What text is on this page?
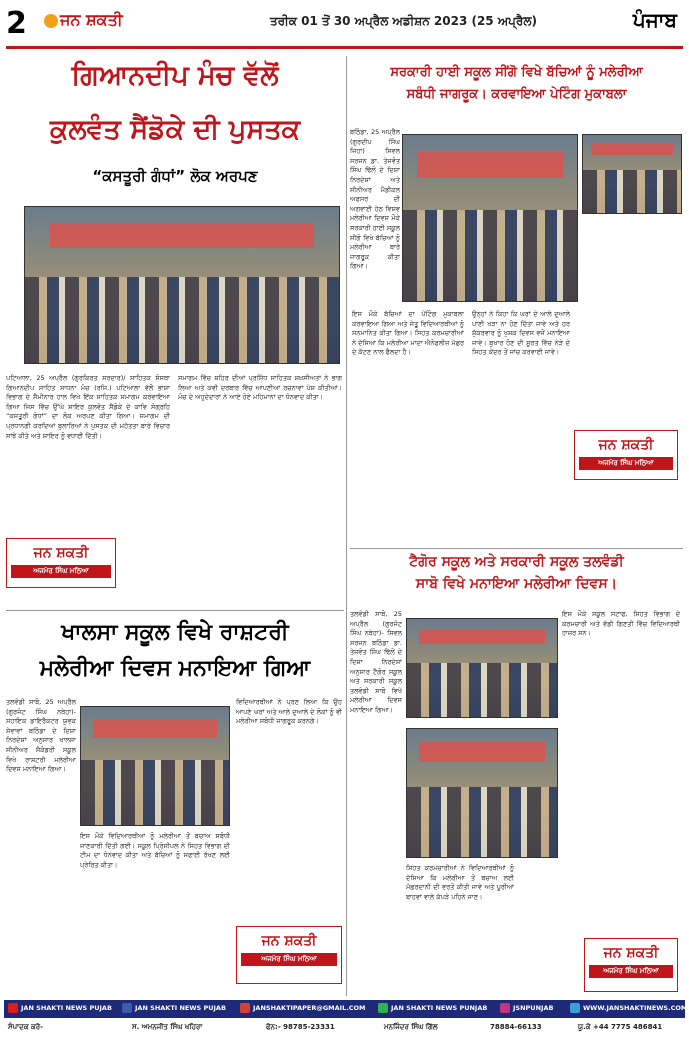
2	ਜਨ ਸ਼ਕਤੀ	ਤਰੀਕ 01 ਤੋਂ 30 ਅਪ੍ਰੈਲ ਅਡੀਸ਼ਨ 2023 (25 ਅਪ੍ਰੈਲ)	ਪੰਜਾਬ
ਗਿਆਨਦੀਪ ਮੰਚ ਵੱਲੋਂ
ਕੁਲਵੰਤ ਸੈਂਡੋਕੇ ਦੀ ਪੁਸਤਕ
“ਕਸਤੂਰੀ ਗੰਧਾਂ” ਲੋਕ ਅਰਪਣ
ਪਟਿਆਲਾ, 25 ਅਪ੍ਰੈਲ (ਗੁਰਕਿਰਤ ਸਰਦਾਰ)/ ਸਾਹਿਤਕ ਸੰਸਥਾ ਗਿਆਨਦੀਪ ਸਾਹਿਤ ਸਾਧਨਾ ਮੰਚ (ਰਜਿ.) ਪਟਿਆਲਾ ਵੱਲੋਂ ਭਾਸ਼ਾ ਵਿਭਾਗ ਦੇ ਸੈਮੀਨਾਰ ਹਾਲ ਵਿਖੇ ਇੱਕ ਸਾਹਿਤਕ ਸਮਾਗਮ ਕਰਵਾਇਆ ਗਿਆ ਜਿਸ ਵਿੱਚ ਉੱਘੇ ਸ਼ਾਇਰ ਕੁਲਵੰਤ ਸੈਂਡੋਕੇ ਦੇ ਕਾਵਿ ਸੰਗ੍ਰਹਿ “ਕਸਤੂਰੀ ਗੰਧਾਂ” ਦਾ ਲੋਕ ਅਰਪਣ ਕੀਤਾ ਗਿਆ। ਸਮਾਗਮ ਦੀ ਪ੍ਰਧਾਨਗੀ ਕਰਦਿਆਂ ਬੁਲਾਰਿਆਂ ਨੇ ਪੁਸਤਕ ਦੀ ਮਹੱਤਤਾ ਬਾਰੇ ਵਿਚਾਰ ਸਾਂਝੇ ਕੀਤੇ ਅਤੇ ਸ਼ਾਇਰ ਨੂੰ ਵਧਾਈ ਦਿੱਤੀ।
ਸਮਾਗਮ ਵਿੱਚ ਸ਼ਹਿਰ ਦੀਆਂ ਪ੍ਰਸਿੱਧ ਸਾਹਿਤਕ ਸ਼ਖ਼ਸੀਅਤਾਂ ਨੇ ਭਾਗ ਲਿਆ ਅਤੇ ਕਵੀ ਦਰਬਾਰ ਵਿੱਚ ਆਪਣੀਆਂ ਰਚਨਾਵਾਂ ਪੇਸ਼ ਕੀਤੀਆਂ। ਮੰਚ ਦੇ ਅਹੁਦੇਦਾਰਾਂ ਨੇ ਆਏ ਹੋਏ ਮਹਿਮਾਨਾਂ ਦਾ ਧੰਨਵਾਦ ਕੀਤਾ।
ਸਰਕਾਰੀ ਹਾਈ ਸਕੂਲ ਸੀਂਗੋ ਵਿਖੇ ਬੱਚਿਆਂ ਨੂੰ ਮਲੇਰੀਆ
ਸਬੰਧੀ ਜਾਗਰੂਕ। ਕਰਵਾਇਆ ਪੇਟਿੰਗ ਮੁਕਾਬਲਾ
ਬਠਿੰਡਾ, 25 ਅਪ੍ਰੈਲ (ਗੁਰਦੀਪ ਸਿੰਘ ਜਿਹਾ) ਸਿਵਲ ਸਰਜਨ ਡਾ. ਤੇਜਵੰਤ ਸਿੰਘ ਢਿੱਲੋਂ ਦੇ ਦਿਸ਼ਾ ਨਿਰਦੇਸ਼ਾਂ ਅਤੇ ਸੀਨੀਅਰ ਮੈਡੀਕਲ ਅਫਸਰ ਦੀ ਅਗਵਾਈ ਹੇਠ ਵਿਸ਼ਵ ਮਲੇਰੀਆ ਦਿਵਸ ਮੌਕੇ ਸਰਕਾਰੀ ਹਾਈ ਸਕੂਲ ਸੀਂਗੋ ਵਿਖੇ ਬੱਚਿਆਂ ਨੂੰ ਮਲੇਰੀਆ ਬਾਰੇ ਜਾਗਰੂਕ ਕੀਤਾ ਗਿਆ।
ਇਸ ਮੌਕੇ ਬੱਚਿਆਂ ਦਾ ਪੇਂਟਿੰਗ ਮੁਕਾਬਲਾ ਕਰਵਾਇਆ ਗਿਆ ਅਤੇ ਜੇਤੂ ਵਿਦਿਆਰਥੀਆਂ ਨੂੰ ਸਨਮਾਨਿਤ ਕੀਤਾ ਗਿਆ। ਸਿਹਤ ਕਰਮਚਾਰੀਆਂ ਨੇ ਦੱਸਿਆ ਕਿ ਮਲੇਰੀਆ ਮਾਦਾ ਐਨੋਫਲੀਜ਼ ਮੱਛਰ ਦੇ ਕੱਟਣ ਨਾਲ ਫੈਲਦਾ ਹੈ।
ਉਨ੍ਹਾਂ ਨੇ ਕਿਹਾ ਕਿ ਘਰਾਂ ਦੇ ਆਲੇ ਦੁਆਲੇ ਪਾਣੀ ਖੜਾ ਨਾ ਹੋਣ ਦਿੱਤਾ ਜਾਵੇ ਅਤੇ ਹਰ ਸ਼ੁੱਕਰਵਾਰ ਨੂੰ ਖੁਸ਼ਕ ਦਿਵਸ ਵਜੋਂ ਮਨਾਇਆ ਜਾਵੇ। ਬੁਖਾਰ ਹੋਣ ਦੀ ਸੂਰਤ ਵਿੱਚ ਨੇੜੇ ਦੇ ਸਿਹਤ ਕੇਂਦਰ ਤੋਂ ਜਾਂਚ ਕਰਵਾਈ ਜਾਵੇ।
ਜਨ ਸ਼ਕਤੀ
ਅਜਮੇਰ ਸਿੰਘ ਮਠਿਆ
ਟੈਗੋਰ ਸਕੂਲ ਅਤੇ ਸਰਕਾਰੀ ਸਕੂਲ ਤਲਵੰਡੀ
ਸਾਬੋ ਵਿਖੇ ਮਨਾਇਆ ਮਲੇਰੀਆ ਦਿਵਸ।
ਤਲਵੰਡੀ ਸਾਬੋ, 25 ਅਪ੍ਰੈਲ (ਗੁਰਜੰਟ ਸਿੰਘ ਨਥੇਹਾ)- ਸਿਵਲ ਸਰਜਨ ਬਠਿੰਡਾ ਡਾ. ਤੇਜਵੰਤ ਸਿੰਘ ਢਿੱਲੋਂ ਦੇ ਦਿਸ਼ਾ ਨਿਰਦੇਸ਼ਾਂ ਅਨੁਸਾਰ ਟੈਗੋਰ ਸਕੂਲ ਅਤੇ ਸਰਕਾਰੀ ਸਕੂਲ ਤਲਵੰਡੀ ਸਾਬੋ ਵਿਖੇ ਮਲੇਰੀਆ ਦਿਵਸ ਮਨਾਇਆ ਗਿਆ।
ਸਿਹਤ ਕਰਮਚਾਰੀਆਂ ਨੇ ਵਿਦਿਆਰਥੀਆਂ ਨੂੰ ਦੱਸਿਆ ਕਿ ਮਲੇਰੀਆ ਤੋਂ ਬਚਾਅ ਲਈ ਮੱਛਰਦਾਨੀ ਦੀ ਵਰਤੋਂ ਕੀਤੀ ਜਾਵੇ ਅਤੇ ਪੂਰੀਆਂ ਬਾਹਵਾਂ ਵਾਲੇ ਕੱਪੜੇ ਪਹਿਨੇ ਜਾਣ।
ਇਸ ਮੌਕੇ ਸਕੂਲ ਸਟਾਫ, ਸਿਹਤ ਵਿਭਾਗ ਦੇ ਕਰਮਚਾਰੀ ਅਤੇ ਵੱਡੀ ਗਿਣਤੀ ਵਿੱਚ ਵਿਦਿਆਰਥੀ ਹਾਜ਼ਰ ਸਨ।
ਜਨ ਸ਼ਕਤੀ
ਅਜਮੇਰ ਸਿੰਘ ਮਠਿਆ
ਜਨ ਸ਼ਕਤੀ
ਅਜਮੇਰ ਸਿੰਘ ਮਠਿਆ
ਖਾਲਸਾ ਸਕੂਲ ਵਿਖੇ ਰਾਸ਼ਟਰੀ
ਮਲੇਰੀਆ ਦਿਵਸ ਮਨਾਇਆ ਗਿਆ
ਤਲਵੰਡੀ ਸਾਬੋ, 25 ਅਪ੍ਰੈਲ (ਗੁਰਜੰਟ ਸਿੰਘ ਨਥੇਹਾ)- ਸਹਾਇਕ ਡਾਇਰੈਕਟਰ ਯੁਵਕ ਸੇਵਾਵਾਂ ਬਠਿੰਡਾ ਦੇ ਦਿਸ਼ਾ ਨਿਰਦੇਸ਼ਾਂ ਅਨੁਸਾਰ ਖਾਲਸਾ ਸੀਨੀਅਰ ਸੈਕੰਡਰੀ ਸਕੂਲ ਵਿਖੇ ਰਾਸ਼ਟਰੀ ਮਲੇਰੀਆ ਦਿਵਸ ਮਨਾਇਆ ਗਿਆ।
ਇਸ ਮੌਕੇ ਵਿਦਿਆਰਥੀਆਂ ਨੂੰ ਮਲੇਰੀਆ ਤੋਂ ਬਚਾਅ ਸਬੰਧੀ ਜਾਣਕਾਰੀ ਦਿੱਤੀ ਗਈ। ਸਕੂਲ ਪ੍ਰਿੰਸੀਪਲ ਨੇ ਸਿਹਤ ਵਿਭਾਗ ਦੀ ਟੀਮ ਦਾ ਧੰਨਵਾਦ ਕੀਤਾ ਅਤੇ ਬੱਚਿਆਂ ਨੂੰ ਸਫਾਈ ਰੱਖਣ ਲਈ ਪ੍ਰੇਰਿਤ ਕੀਤਾ।
ਵਿਦਿਆਰਥੀਆਂ ਨੇ ਪ੍ਰਣ ਲਿਆ ਕਿ ਉਹ ਆਪਣੇ ਘਰਾਂ ਅਤੇ ਆਲੇ ਦੁਆਲੇ ਦੇ ਲੋਕਾਂ ਨੂੰ ਵੀ ਮਲੇਰੀਆ ਸਬੰਧੀ ਜਾਗਰੂਕ ਕਰਨਗੇ।
ਜਨ ਸ਼ਕਤੀ
ਅਜਮੇਰ ਸਿੰਘ ਮਠਿਆ
JAN SHAKTI NEWS PUJAB	JAN SHAKTI NEWS PUJAB	JANSHAKTIPAPER@GMAIL.COM	JAN SHAKTI NEWS PUNJAB	JSNPUNJAB	WWW.JANSHAKTINEWS.COM
ਸੰਪਾਦਕ ਕਰੋ-	ਸ. ਅਮਨਜੀਤ ਸਿੰਘ ਖਹਿਰਾ	ਫੋਨ:- 98785-23331	ਮਨਜਿੰਦਰ ਸਿੰਘ ਗਿੱਲ	78884-66133	ਯੂ.ਕੇ +44 7775 486841
